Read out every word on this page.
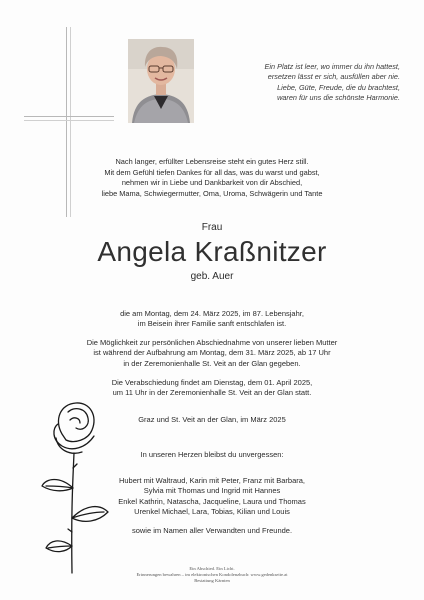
Ein Platz ist leer, wo immer du ihn hattest,
ersetzen lässt er sich, ausfüllen aber nie.
Liebe, Güte, Freude, die du brachtest,
waren für uns die schönste Harmonie.
Nach langer, erfüllter Lebensreise steht ein gutes Herz still.
Mit dem Gefühl tiefen Dankes für all das, was du warst und gabst,
nehmen wir in Liebe und Dankbarkeit von dir Abschied,
liebe Mama, Schwiegermutter, Oma, Uroma, Schwägerin und Tante
Frau
Angela Kraßnitzer
geb. Auer
die am Montag, dem 24. März 2025, im 87. Lebensjahr,
im Beisein ihrer Familie sanft entschlafen ist.
Die Möglichkeit zur persönlichen Abschiednahme von unserer lieben Mutter
ist während der Aufbahrung am Montag, dem 31. März 2025, ab 17 Uhr
in der Zeremonienhalle St. Veit an der Glan gegeben.
Die Verabschiedung findet am Dienstag, dem 01. April 2025,
um 11 Uhr in der Zeremonienhalle St. Veit an der Glan statt.
Graz und St. Veit an der Glan, im März 2025
In unseren Herzen bleibst du unvergessen:
Hubert mit Waltraud, Karin mit Peter, Franz mit Barbara,
Sylvia mit Thomas und Ingrid mit Hannes
Enkel Kathrin, Natascha, Jacqueline, Laura und Thomas
Urenkel Michael, Lara, Tobias, Kilian und Louis
sowie im Namen aller Verwandten und Freunde.
Ein Abschied. Ein Licht.
Erinnerungen bewahren – im elektronischen Kondolenzbuch: www.gedenkseite.at
Bestattung Kärnten
